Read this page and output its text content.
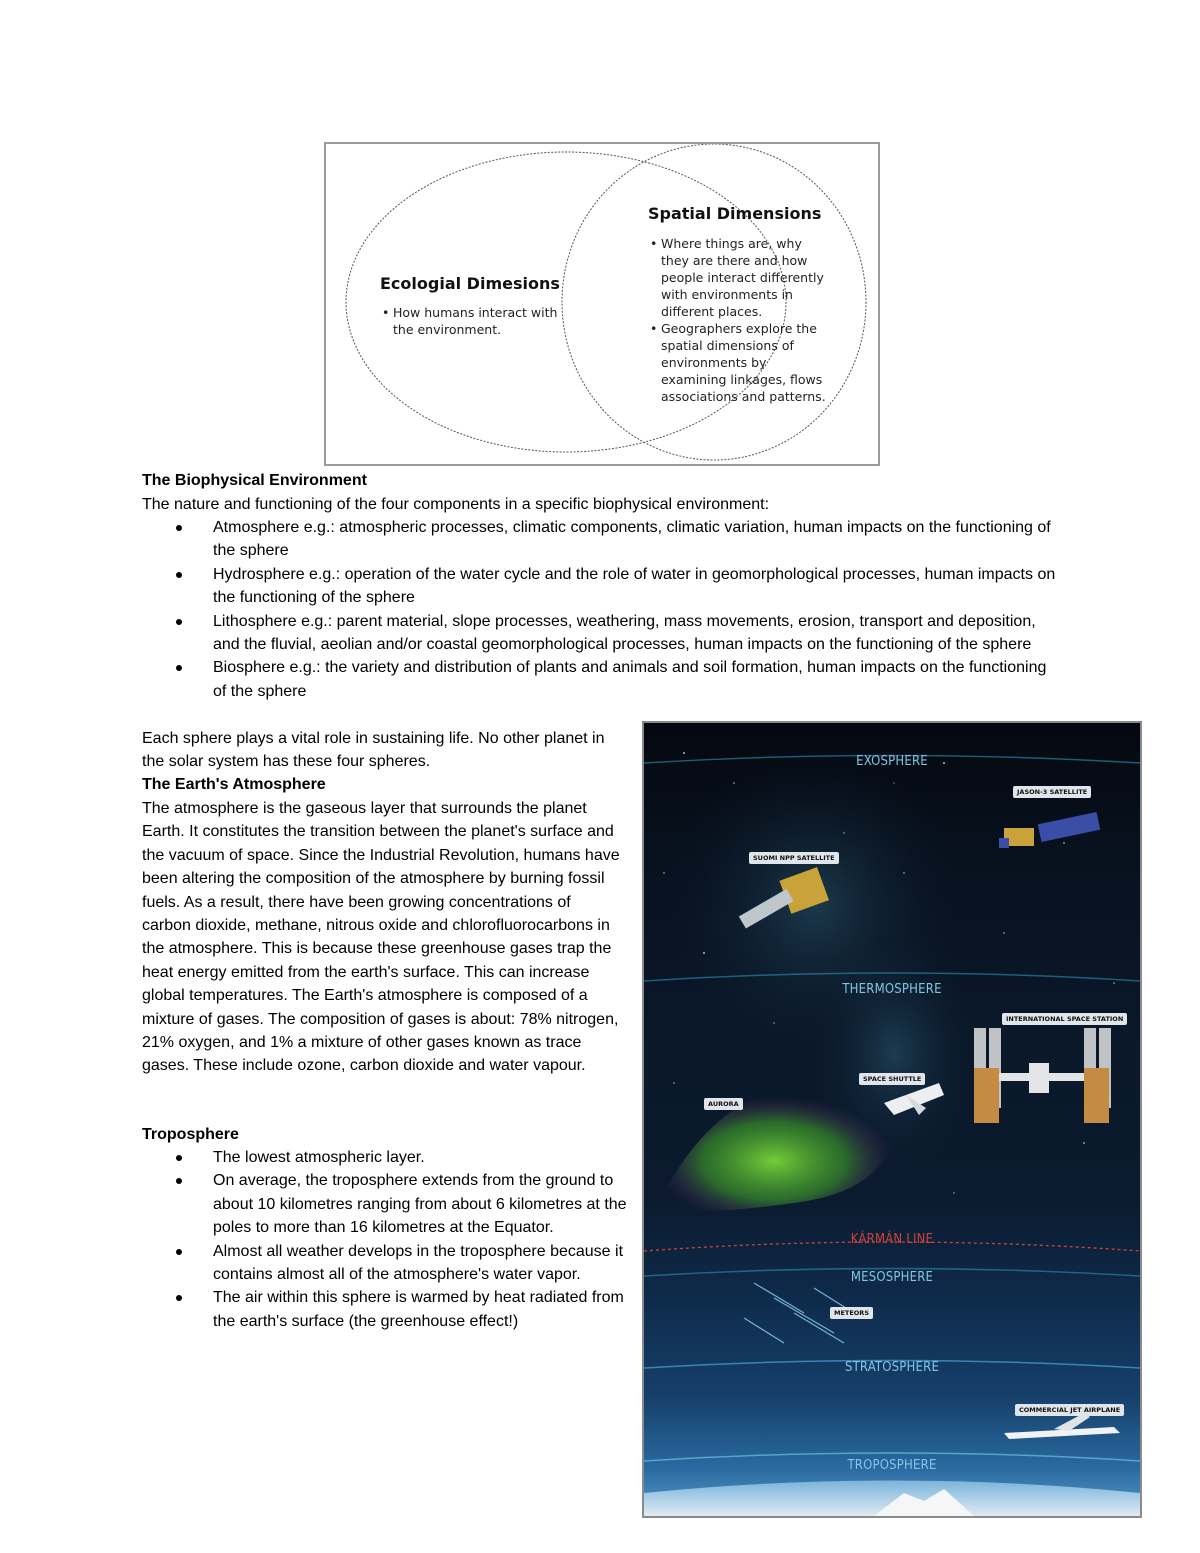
Ecologial Dimesions
• How humans interact with the environment.
Spatial Dimensions
• Where things are, why they are there and how people interact differently with environments in different places.
• Geographers explore the spatial dimensions of environments by examining linkages, flows associations and patterns.
The Biophysical Environment
The nature and functioning of the four components in a specific biophysical environment:
Atmosphere e.g.: atmospheric processes, climatic components, climatic variation, human impacts on the functioning of the sphere
Hydrosphere e.g.: operation of the water cycle and the role of water in geomorphological processes, human impacts on the functioning of the sphere
Lithosphere e.g.: parent material, slope processes, weathering, mass movements, erosion, transport and deposition, and the fluvial, aeolian and/or coastal geomorphological processes, human impacts on the functioning of the sphere
Biosphere e.g.: the variety and distribution of plants and animals and soil formation, human impacts on the functioning of the sphere
Each sphere plays a vital role in sustaining life. No other planet in the solar system has these four spheres.
The Earth's Atmosphere
The atmosphere is the gaseous layer that surrounds the planet Earth. It constitutes the transition between the planet's surface and the vacuum of space. Since the Industrial Revolution, humans have been altering the composition of the atmosphere by burning fossil fuels. As a result, there have been growing concentrations of carbon dioxide, methane, nitrous oxide and chlorofluorocarbons in the atmosphere. This is because these greenhouse gases trap the heat energy emitted from the earth's surface. This can increase global temperatures. The Earth's atmosphere is composed of a mixture of gases. The composition of gases is about: 78% nitrogen, 21% oxygen, and 1% a mixture of other gases known as trace gases. These include ozone, carbon dioxide and water vapour.
Troposphere
The lowest atmospheric layer.
On average, the troposphere extends from the ground to about 10 kilometres ranging from about 6 kilometres at the poles to more than 16 kilometres at the Equator.
Almost all weather develops in the troposphere because it contains almost all of the atmosphere's water vapor.
The air within this sphere is warmed by heat radiated from the earth's surface (the greenhouse effect!)
EXOSPHERE
THERMOSPHERE
KÁRMÁN LINE
MESOSPHERE
STRATOSPHERE
TROPOSPHERE
JASON-3 SATELLITE
SUOMI NPP SATELLITE
INTERNATIONAL SPACE STATION
SPACE SHUTTLE
AURORA
METEORS
COMMERCIAL JET AIRPLANE
